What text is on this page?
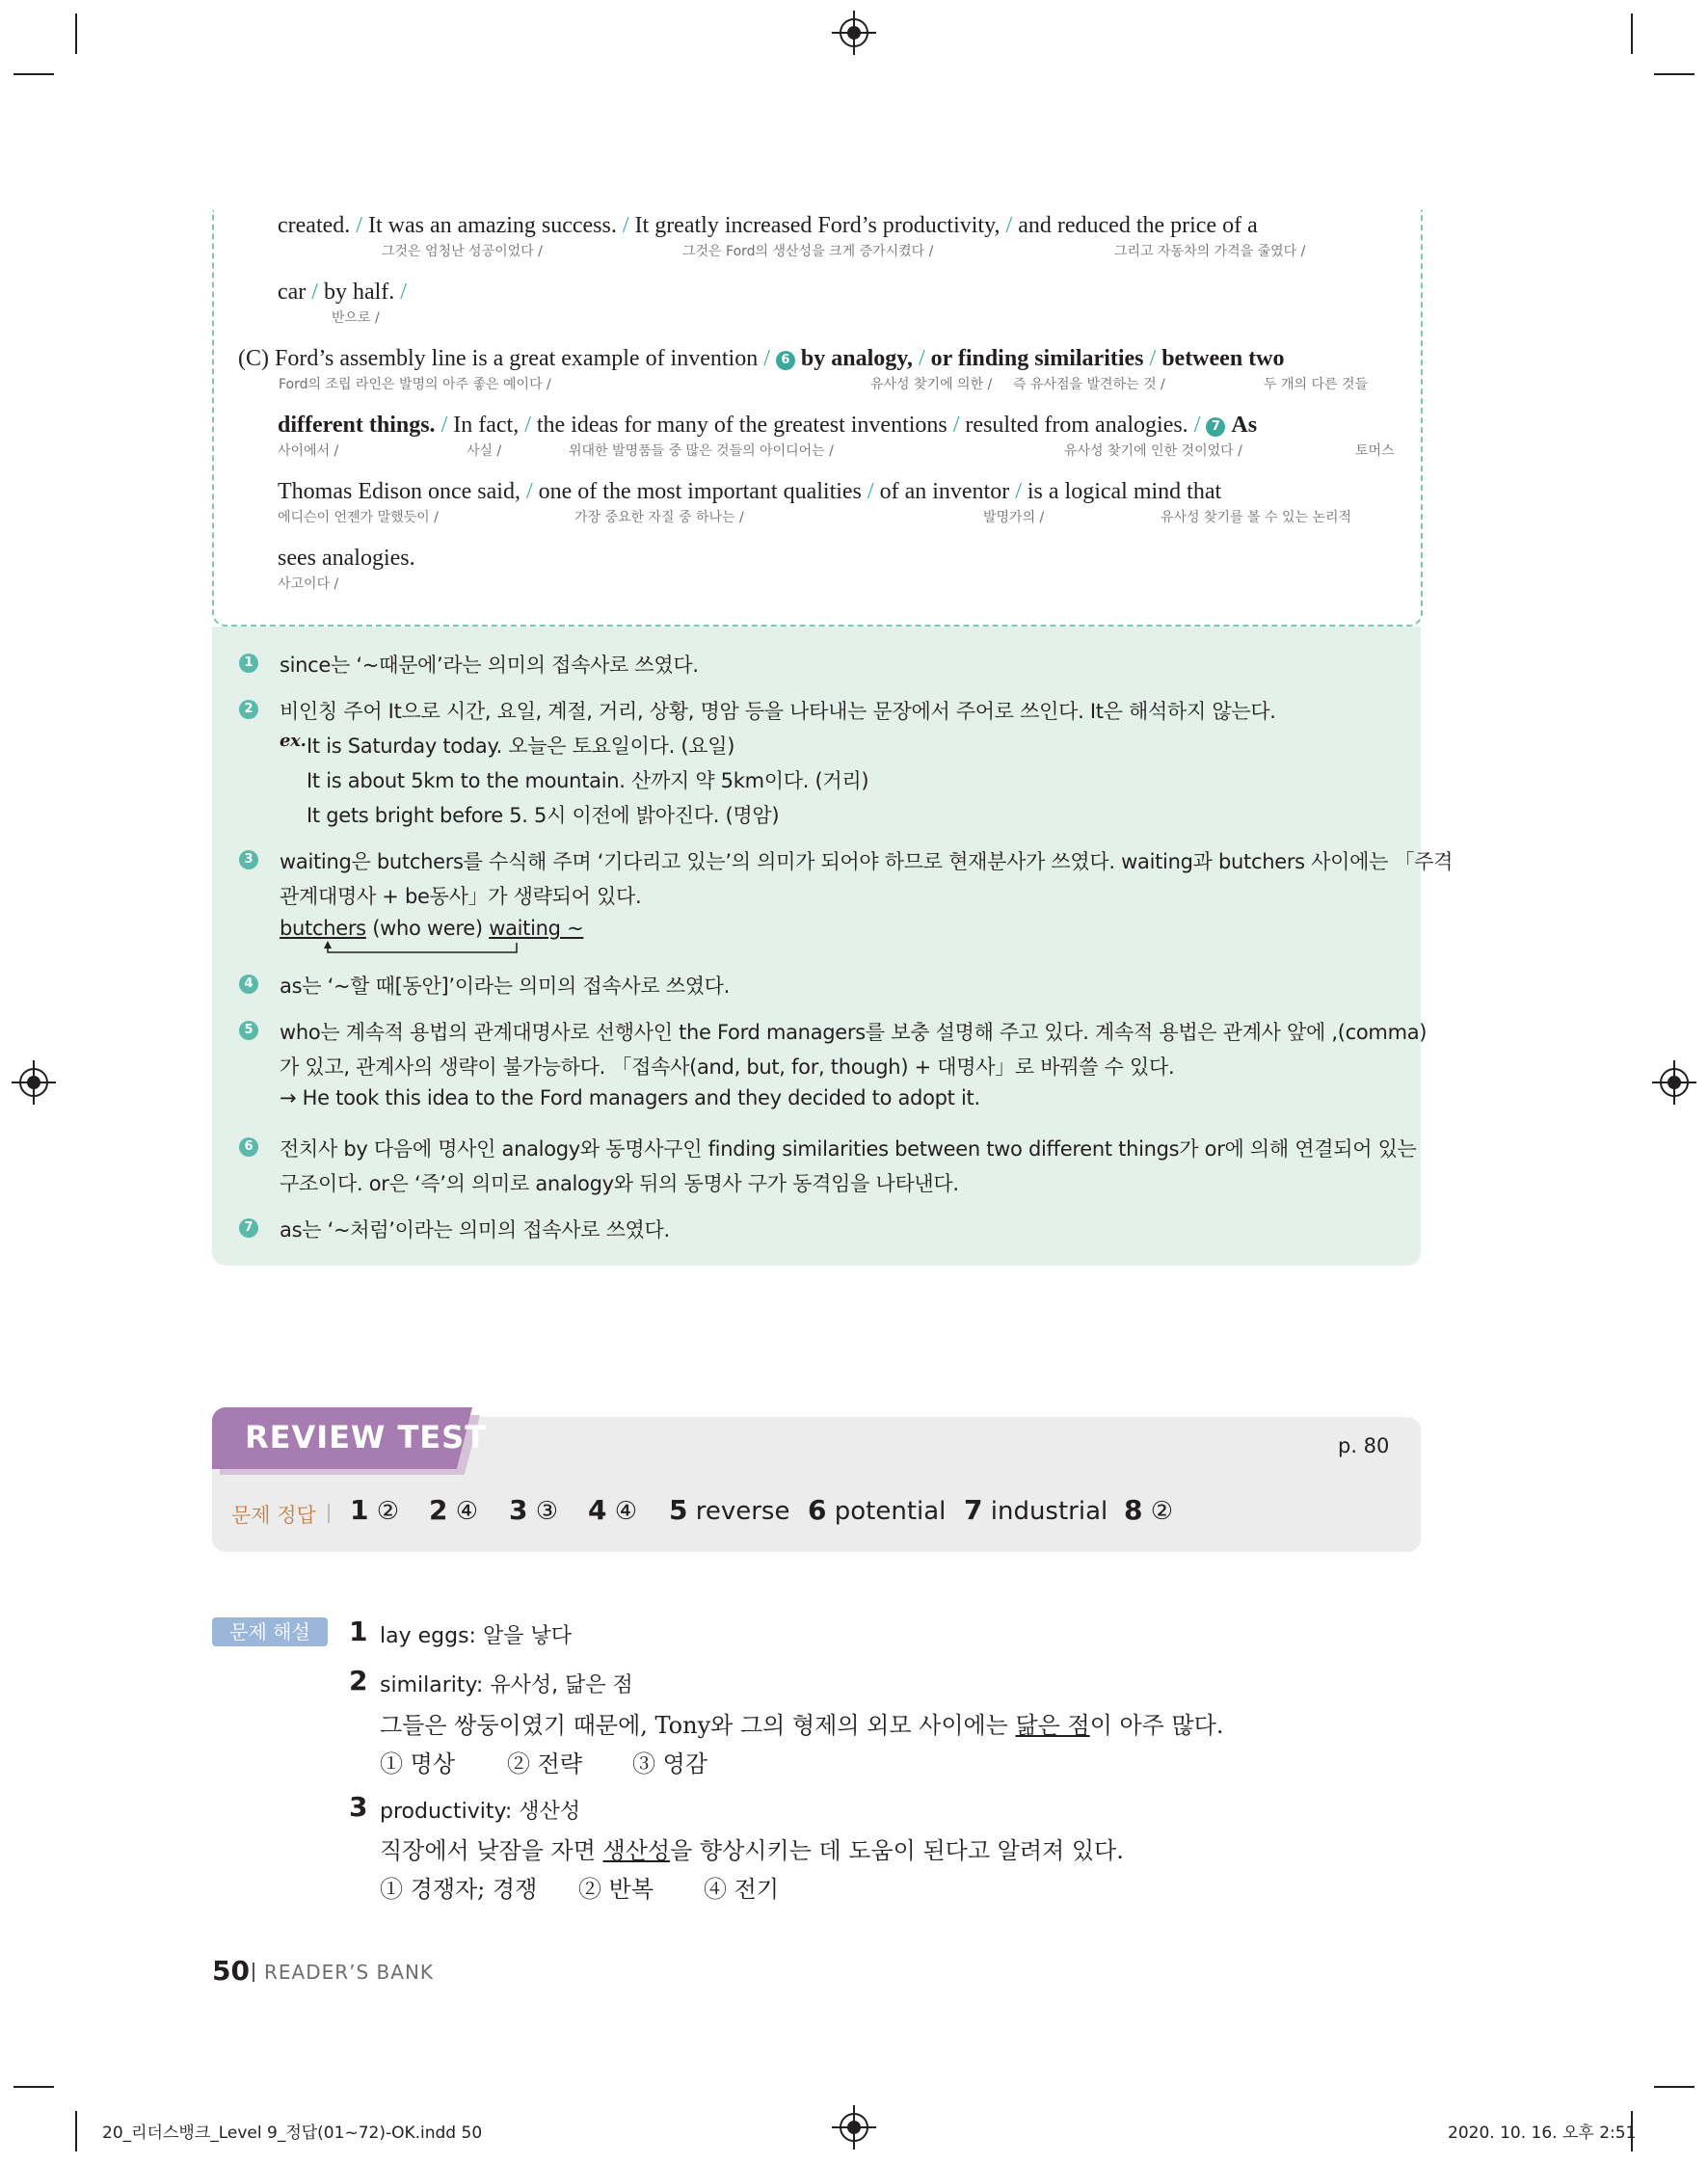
created. / It was an amazing success. / It greatly increased Ford’s productivity, / and reduced the price of a
그것은 엄청난 성공이었다 /	그것은 Ford의 생산성을 크게 증가시켰다 /	그리고 자동차의 가격을 줄였다 /
car / by half. /
반으로 /
(C) Ford’s assembly line is a great example of invention / 6 by analogy, / or finding similarities / between two
Ford의 조립 라인은 발명의 아주 좋은 예이다 /	유사성 찾기에 의한 / 즉 유사점을 발견하는 것 /	두 개의 다른 것들
different things. / In fact, / the ideas for many of the greatest inventions / resulted from analogies. / 7 As
사이에서 /	사실 /	위대한 발명품들 중 많은 것들의 아이디어는 /	유사성 찾기에 인한 것이었다 /	토머스
Thomas Edison once said, / one of the most important qualities / of an inventor / is a logical mind that
에디슨이 언젠가 말했듯이 /	가장 중요한 자질 중 하나는 /	발명가의 /	유사성 찾기를 볼 수 있는 논리적
sees analogies.
사고이다 /
1 since는 ‘~때문에’라는 의미의 접속사로 쓰였다.
2 비인칭 주어 It으로 시간, 요일, 계절, 거리, 상황, 명암 등을 나타내는 문장에서 주어로 쓰인다. It은 해석하지 않는다.
ex. It is Saturday today. 오늘은 토요일이다. (요일)
It is about 5km to the mountain. 산까지 약 5km이다. (거리)
It gets bright before 5. 5시 이전에 밝아진다. (명암)
3 waiting은 butchers를 수식해 주며 ‘기다리고 있는’의 의미가 되어야 하므로 현재분사가 쓰였다. waiting과 butchers 사이에는 「주격
관계대명사 + be동사」가 생략되어 있다.
butchers (who were) waiting ~
4 as는 ‘~할 때[동안]’이라는 의미의 접속사로 쓰였다.
5 who는 계속적 용법의 관계대명사로 선행사인 the Ford managers를 보충 설명해 주고 있다. 계속적 용법은 관계사 앞에 ,(comma)
가 있고, 관계사의 생략이 불가능하다. 「접속사(and, but, for, though) + 대명사」로 바꿔쓸 수 있다.
→ He took this idea to the Ford managers and they decided to adopt it.
6 전치사 by 다음에 명사인 analogy와 동명사구인 finding similarities between two different things가 or에 의해 연결되어 있는
구조이다. or은 ‘즉’의 의미로 analogy와 뒤의 동명사 구가 동격임을 나타낸다.
7 as는 ‘~처럼’이라는 의미의 접속사로 쓰였다.
REVIEW TEST	p. 80
문제 정답 1 ② 2 ④ 3 ③ 4 ④ 5 reverse 6 potential 7 industrial 8 ②
문제 해설	1 lay eggs: 알을 낳다
2 similarity: 유사성, 닮은 점
그들은 쌍둥이였기 때문에, Tony와 그의 형제의 외모 사이에는 닮은 점이 아주 많다.
① 명상 ② 전략 ③ 영감
3 productivity: 생산성
직장에서 낮잠을 자면 생산성을 향상시키는 데 도움이 된다고 알려져 있다.
① 경쟁자; 경쟁 ② 반복 ④ 전기
50 READER’S BANK
20_리더스뱅크_Level 9_정답(01~72)-OK.indd 50	2020. 10. 16. 오후 2:51
